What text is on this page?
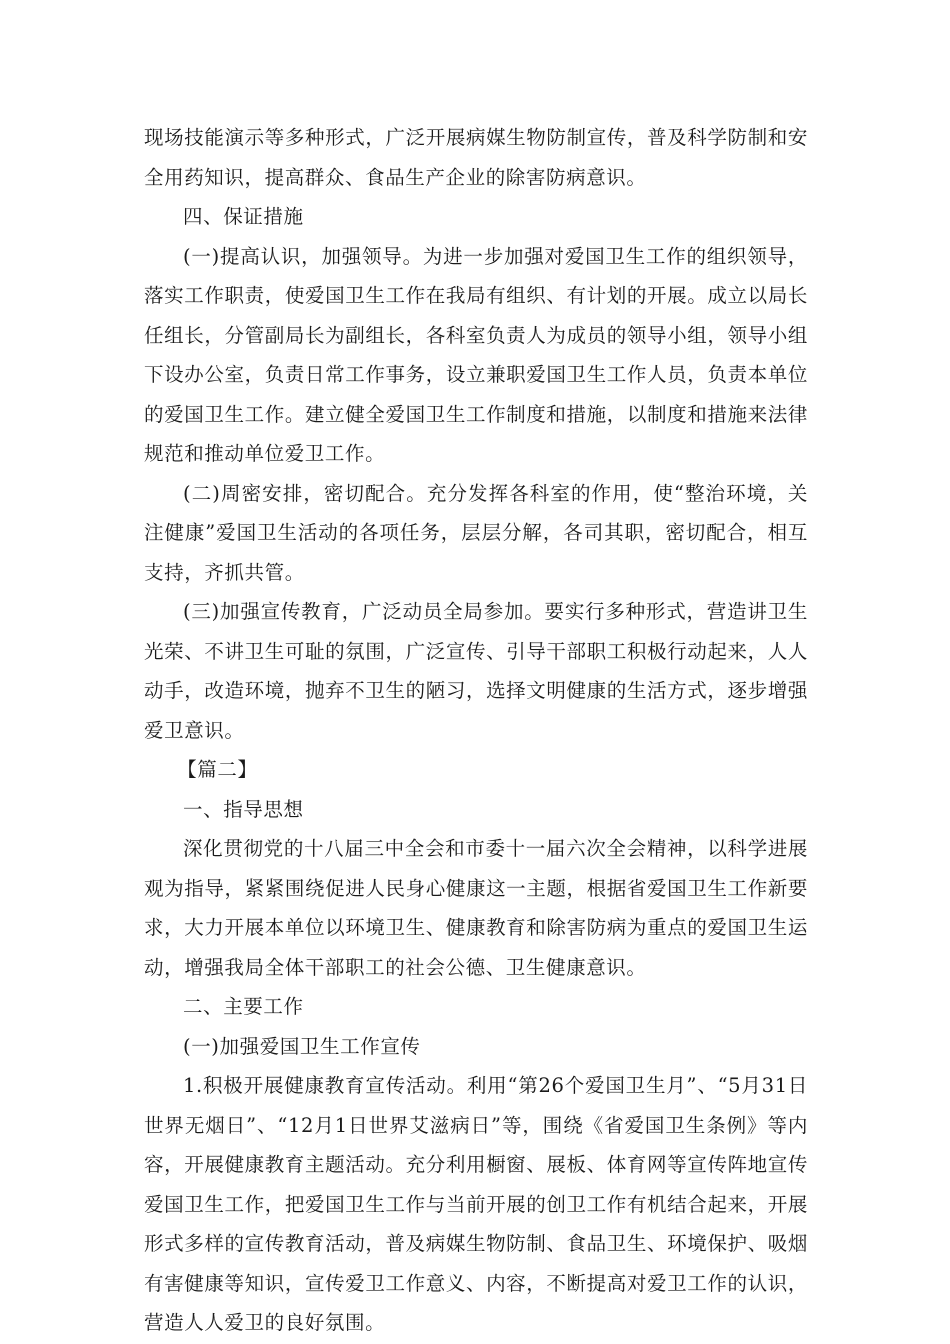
现场技能演示等多种形式，广泛开展病媒生物防制宣传，普及科学防制和安全用药知识，提高群众、食品生产企业的除害防病意识。

四、保证措施

(一)提高认识，加强领导。为进一步加强对爱国卫生工作的组织领导，落实工作职责，使爱国卫生工作在我局有组织、有计划的开展。成立以局长任组长，分管副局长为副组长，各科室负责人为成员的领导小组，领导小组下设办公室，负责日常工作事务，设立兼职爱国卫生工作人员，负责本单位的爱国卫生工作。建立健全爱国卫生工作制度和措施，以制度和措施来法律规范和推动单位爱卫工作。

(二)周密安排，密切配合。充分发挥各科室的作用，使“整治环境，关注健康”爱国卫生活动的各项任务，层层分解，各司其职，密切配合，相互支持，齐抓共管。

(三)加强宣传教育，广泛动员全局参加。要实行多种形式，营造讲卫生光荣、不讲卫生可耻的氛围，广泛宣传、引导干部职工积极行动起来，人人动手，改造环境，抛弃不卫生的陋习，选择文明健康的生活方式，逐步增强爱卫意识。

【篇二】

一、指导思想

深化贯彻党的十八届三中全会和市委十一届六次全会精神，以科学进展观为指导，紧紧围绕促进人民身心健康这一主题，根据省爱国卫生工作新要求，大力开展本单位以环境卫生、健康教育和除害防病为重点的爱国卫生运动，增强我局全体干部职工的社会公德、卫生健康意识。

二、主要工作

(一)加强爱国卫生工作宣传

1.积极开展健康教育宣传活动。利用“第26个爱国卫生月”、“5月31日世界无烟日”、“12月1日世界艾滋病日”等，围绕《省爱国卫生条例》等内容，开展健康教育主题活动。充分利用橱窗、展板、体育网等宣传阵地宣传爱国卫生工作，把爱国卫生工作与当前开展的创卫工作有机结合起来，开展形式多样的宣传教育活动，普及病媒生物防制、食品卫生、环境保护、吸烟有害健康等知识，宣传爱卫工作意义、内容，不断提高对爱卫工作的认识，营造人人爱卫的良好氛围。
